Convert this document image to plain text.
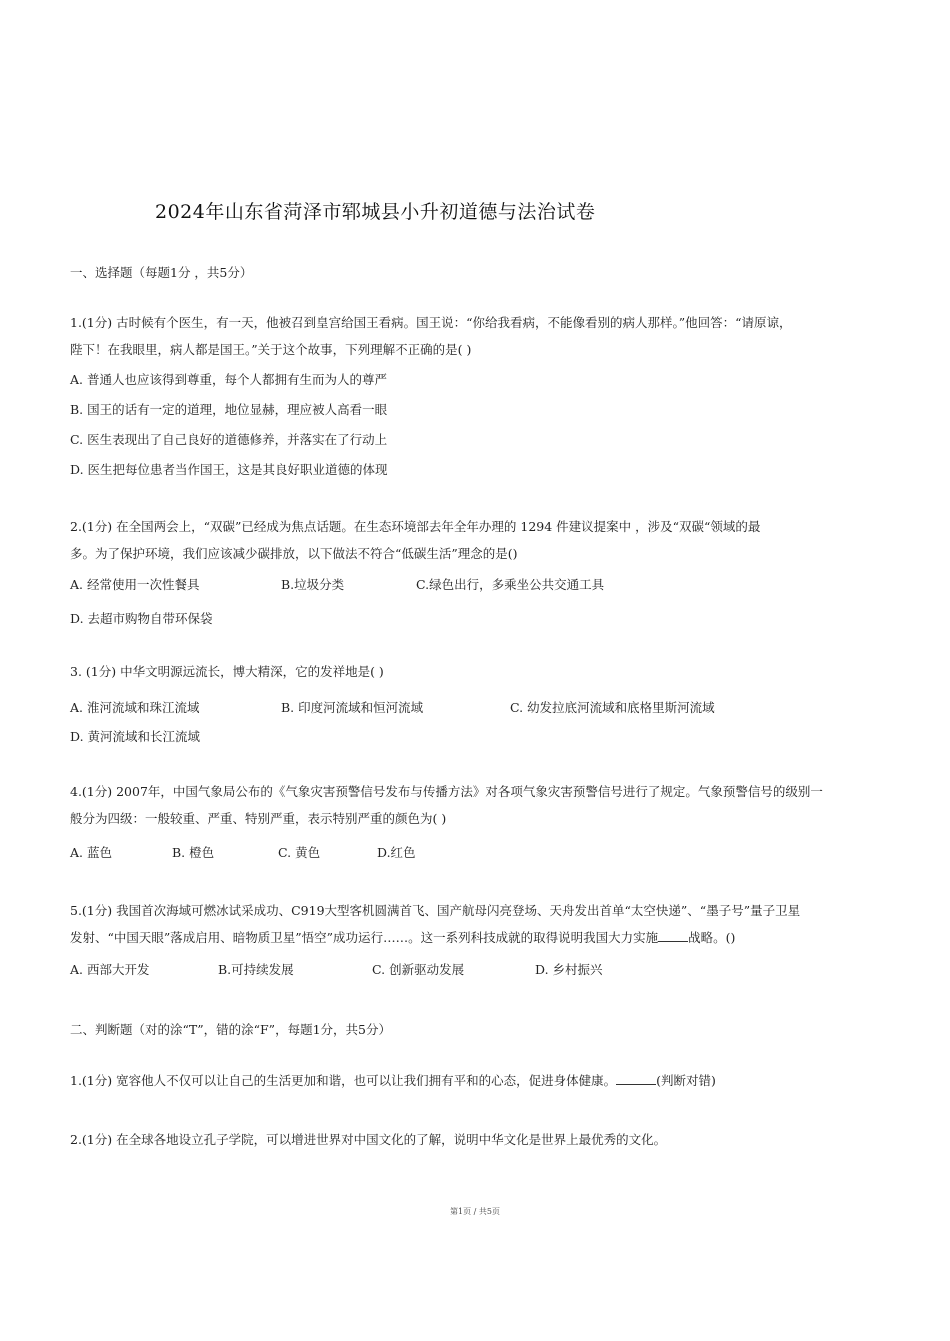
2024年山东省菏泽市郓城县小升初道德与法治试卷
一、选择题（每题1分 ，共5分）
1.(1分) 古时候有个医生，有一天，他被召到皇宫给国王看病。国王说：“你给我看病，不能像看别的病人那样。”他回答：“请原谅，
陛下！在我眼里，病人都是国王。”关于这个故事，下列理解不正确的是( )
A. 普通人也应该得到尊重，每个人都拥有生而为人的尊严
B. 国王的话有一定的道理，地位显赫，理应被人高看一眼
C. 医生表现出了自己良好的道德修养，并落实在了行动上
D. 医生把每位患者当作国王，这是其良好职业道德的体现
2.(1分) 在全国两会上，“双碳”已经成为焦点话题。在生态环境部去年全年办理的 1294 件建议提案中 ，涉及“双碳“领域的最
多。为了保护环境，我们应该减少碳排放，以下做法不符合“低碳生活”理念的是()
A. 经常使用一次性餐具	B.垃圾分类	C.绿色出行，多乘坐公共交通工具
D. 去超市购物自带环保袋
3. (1分) 中华文明源远流长，博大精深，它的发祥地是( )
A. 淮河流域和珠江流域	B. 印度河流域和恒河流域	C. 幼发拉底河流域和底格里斯河流域
D. 黄河流域和长江流域
4.(1分) 2007年，中国气象局公布的《气象灾害预警信号发布与传播方法》对各项气象灾害预警信号进行了规定。气象预警信号的级别一
般分为四级：一般较重、严重、特别严重，表示特别严重的颜色为( )
A. 蓝色	B. 橙色	C. 黄色	D.红色
5.(1分) 我国首次海域可燃冰试采成功、C919大型客机圆满首飞、国产航母闪亮登场、天舟发出首单“太空快递”、“墨子号”量子卫星
发射、“中国天眼”落成启用、暗物质卫星”悟空”成功运行……。这一系列科技成就的取得说明我国大力实施 战略。()
A. 西部大开发	B.可持续发展	C. 创新驱动发展	D. 乡村振兴
二、判断题（对的涂“T”，错的涂“F”，每题1分，共5分）
1.(1分) 宽容他人不仅可以让自己的生活更加和谐，也可以让我们拥有平和的心态，促进身体健康。	(判断对错)
2.(1分) 在全球各地设立孔子学院，可以增进世界对中国文化的了解，说明中华文化是世界上最优秀的文化。
第1页 / 共5页
